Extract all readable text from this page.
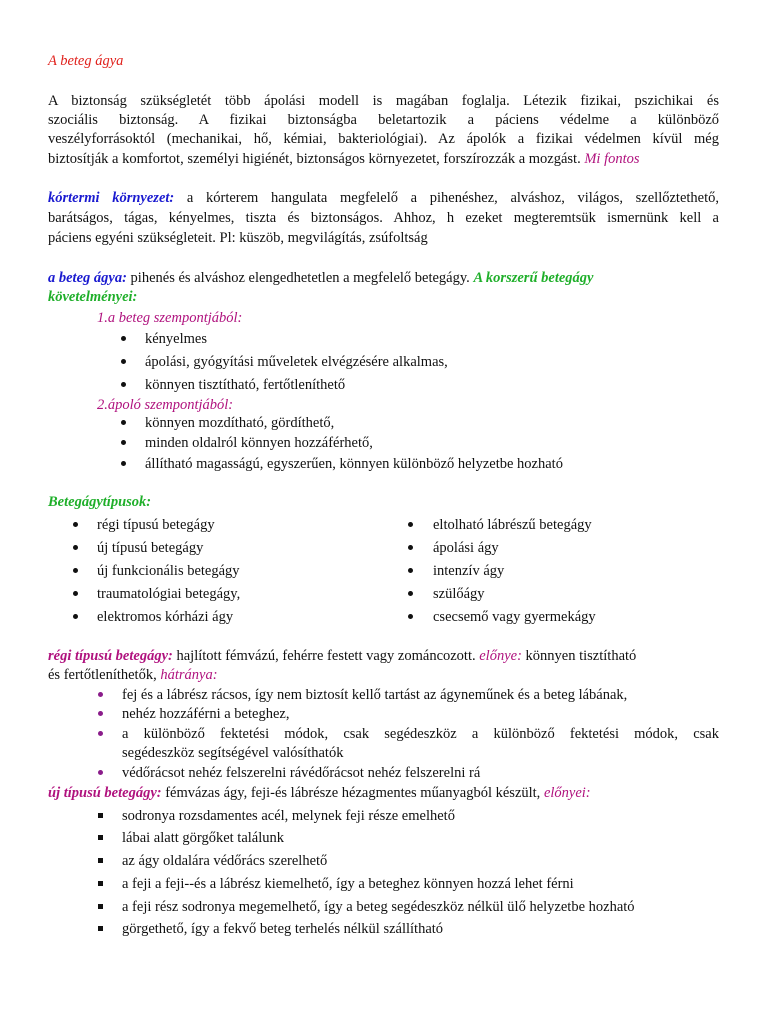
A beteg ágya
A biztonság szükségletét több ápolási modell is magában foglalja. Létezik fizikai, pszichikai és
szociális biztonság. A fizikai biztonságba beletartozik a páciens védelme a különböző
veszélyforrásoktól (mechanikai, hő, kémiai, bakteriológiai). Az ápolók a fizikai védelmen kívül még
biztosítják a komfortot, személyi higiénét, biztonságos környezetet, forszírozzák a mozgást. Mi fontos
kórtermi környezet: a kórterem hangulata megfelelő a pihenéshez, alváshoz, világos, szellőztethető,
barátságos, tágas, kényelmes, tiszta és biztonságos. Ahhoz, h ezeket megteremtsük ismernünk kell a
páciens egyéni szükségleteit. Pl: küszöb, megvilágítás, zsúfoltság
a beteg ágya: pihenés és alváshoz elengedhetetlen a megfelelő betegágy. A korszerű betegágy
követelményei:
1.a beteg szempontjából:
kényelmes
ápolási, gyógyítási műveletek elvégzésére alkalmas,
könnyen tisztítható, fertőtleníthető
2.ápoló szempontjából:
könnyen mozdítható, gördíthető,
minden oldalról könnyen hozzáférhető,
állítható magasságú, egyszerűen, könnyen különböző helyzetbe hozható
Betegágytípusok:
régi típusú betegágy
új típusú betegágy
új funkcionális betegágy
traumatológiai betegágy,
elektromos kórházi ágy
eltolható lábrészű betegágy
ápolási ágy
intenzív ágy
szülőágy
csecsemő vagy gyermekágy
régi típusú betegágy: hajlított fémvázú, fehérre festett vagy zománcozott. előnye: könnyen tisztítható
és fertőtleníthetők, hátránya:
fej és a lábrész rácsos, így nem biztosít kellő tartást az ágyneműnek és a beteg lábának,
nehéz hozzáférni a beteghez,
a különböző fektetési módok, csak segédeszköz a különböző fektetési módok, csak
segédeszköz segítségével valósíthatók
védőrácsot nehéz felszerelni rávédőrácsot nehéz felszerelni rá
új típusú betegágy: fémvázas ágy, feji-és lábrésze hézagmentes műanyagból készült, előnyei:
sodronya rozsdamentes acél, melynek feji része emelhető
lábai alatt görgőket találunk
az ágy oldalára védőrács szerelhető
a feji a feji--és a lábrész kiemelhető, így a beteghez könnyen hozzá lehet férni
a feji rész sodronya megemelhető, így a beteg segédeszköz nélkül ülő helyzetbe hozható
görgethető, így a fekvő beteg terhelés nélkül szállítható
